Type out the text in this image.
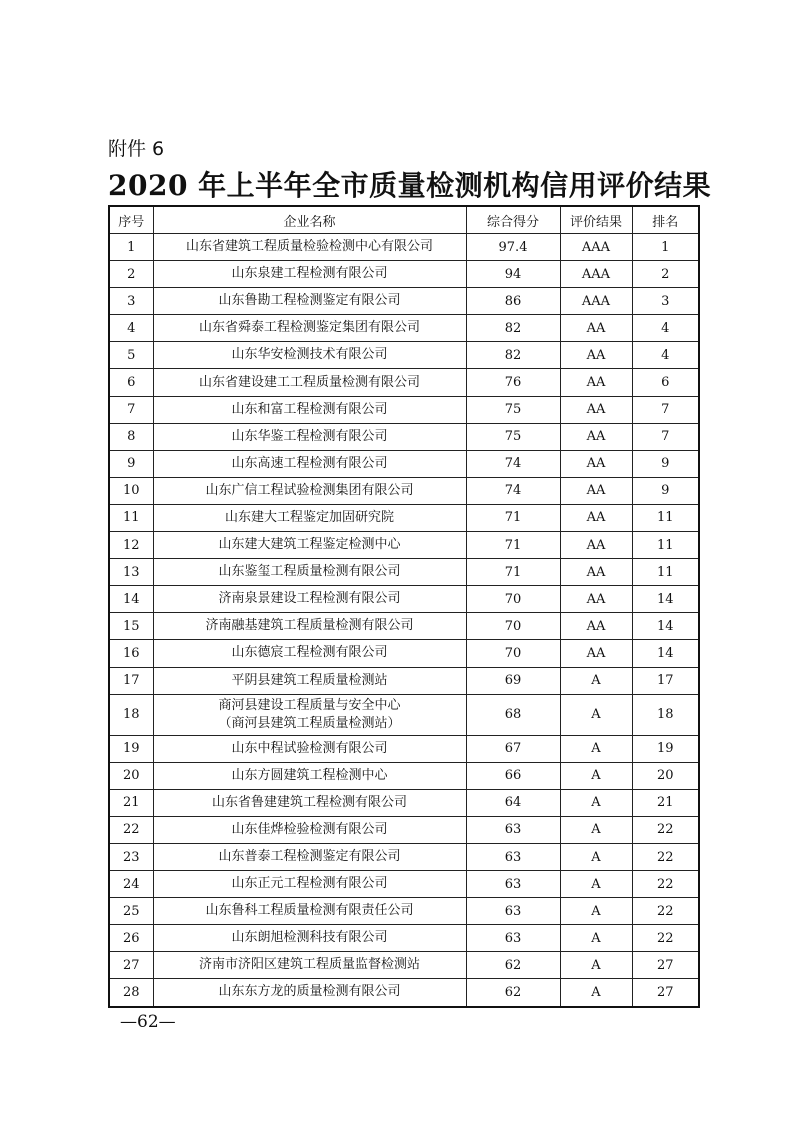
附件 6
2020 年上半年全市质量检测机构信用评价结果
序号	企业名称	综合得分	评价结果	排名
1	山东省建筑工程质量检验检测中心有限公司	97.4	AAA	1
2	山东泉建工程检测有限公司	94	AAA	2
3	山东鲁勘工程检测鉴定有限公司	86	AAA	3
4	山东省舜泰工程检测鉴定集团有限公司	82	AA	4
5	山东华安检测技术有限公司	82	AA	4
6	山东省建设建工工程质量检测有限公司	76	AA	6
7	山东和富工程检测有限公司	75	AA	7
8	山东华鉴工程检测有限公司	75	AA	7
9	山东高速工程检测有限公司	74	AA	9
10	山东广信工程试验检测集团有限公司	74	AA	9
11	山东建大工程鉴定加固研究院	71	AA	11
12	山东建大建筑工程鉴定检测中心	71	AA	11
13	山东鉴玺工程质量检测有限公司	71	AA	11
14	济南泉景建设工程检测有限公司	70	AA	14
15	济南融基建筑工程质量检测有限公司	70	AA	14
16	山东德宸工程检测有限公司	70	AA	14
17	平阴县建筑工程质量检测站	69	A	17
18	商河县建设工程质量与安全中心
（商河县建筑工程质量检测站）	68	A	18
19	山东中程试验检测有限公司	67	A	19
20	山东方圆建筑工程检测中心	66	A	20
21	山东省鲁建建筑工程检测有限公司	64	A	21
22	山东佳烨检验检测有限公司	63	A	22
23	山东普泰工程检测鉴定有限公司	63	A	22
24	山东正元工程检测有限公司	63	A	22
25	山东鲁科工程质量检测有限责任公司	63	A	22
26	山东朗旭检测科技有限公司	63	A	22
27	济南市济阳区建筑工程质量监督检测站	62	A	27
28	山东东方龙的质量检测有限公司	62	A	27
—62—
